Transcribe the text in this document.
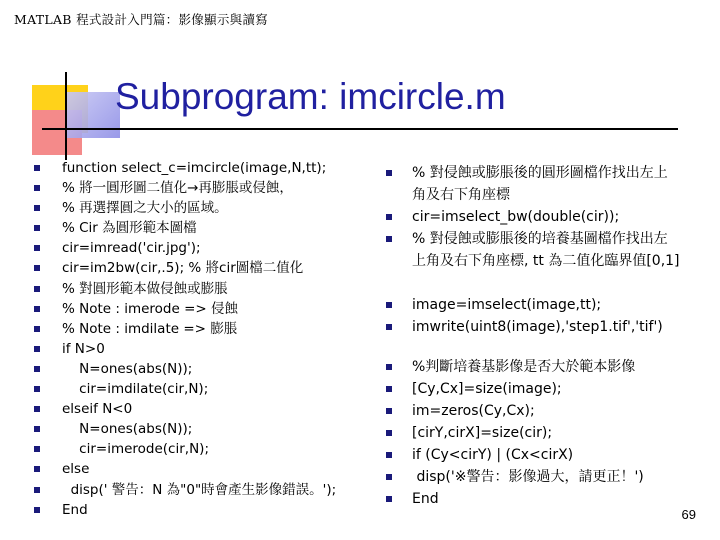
MATLAB 程式設計入門篇：影像顯示與讀寫
Subprogram: imcircle.m
function select_c=imcircle(image,N,tt);
% 將一圓形圖二值化→再膨脹或侵蝕，
% 再選擇圓之大小的區域。
% Cir 為圓形範本圖檔
cir=imread('cir.jpg');
cir=im2bw(cir,.5); % 將cir圖檔二值化
% 對圓形範本做侵蝕或膨脹
% Note : imerode => 侵蝕
% Note : imdilate => 膨脹
if N>0
N=ones(abs(N));
cir=imdilate(cir,N);
elseif N<0
N=ones(abs(N));
cir=imerode(cir,N);
else
disp(' 警告：N 為"0"時會產生影像錯誤。');
End
% 對侵蝕或膨脹後的圓形圖檔作找出左上角及右下角座標
cir=imselect_bw(double(cir));
% 對侵蝕或膨脹後的培養基圖檔作找出左上角及右下角座標, tt 為二值化臨界值[0,1]
image=imselect(image,tt);
imwrite(uint8(image),'step1.tif','tif')
%判斷培養基影像是否大於範本影像
[Cy,Cx]=size(image);
im=zeros(Cy,Cx);
[cirY,cirX]=size(cir);
if (Cy<cirY) | (Cx<cirX)
disp('※警告：影像過大，請更正！')
End
69
